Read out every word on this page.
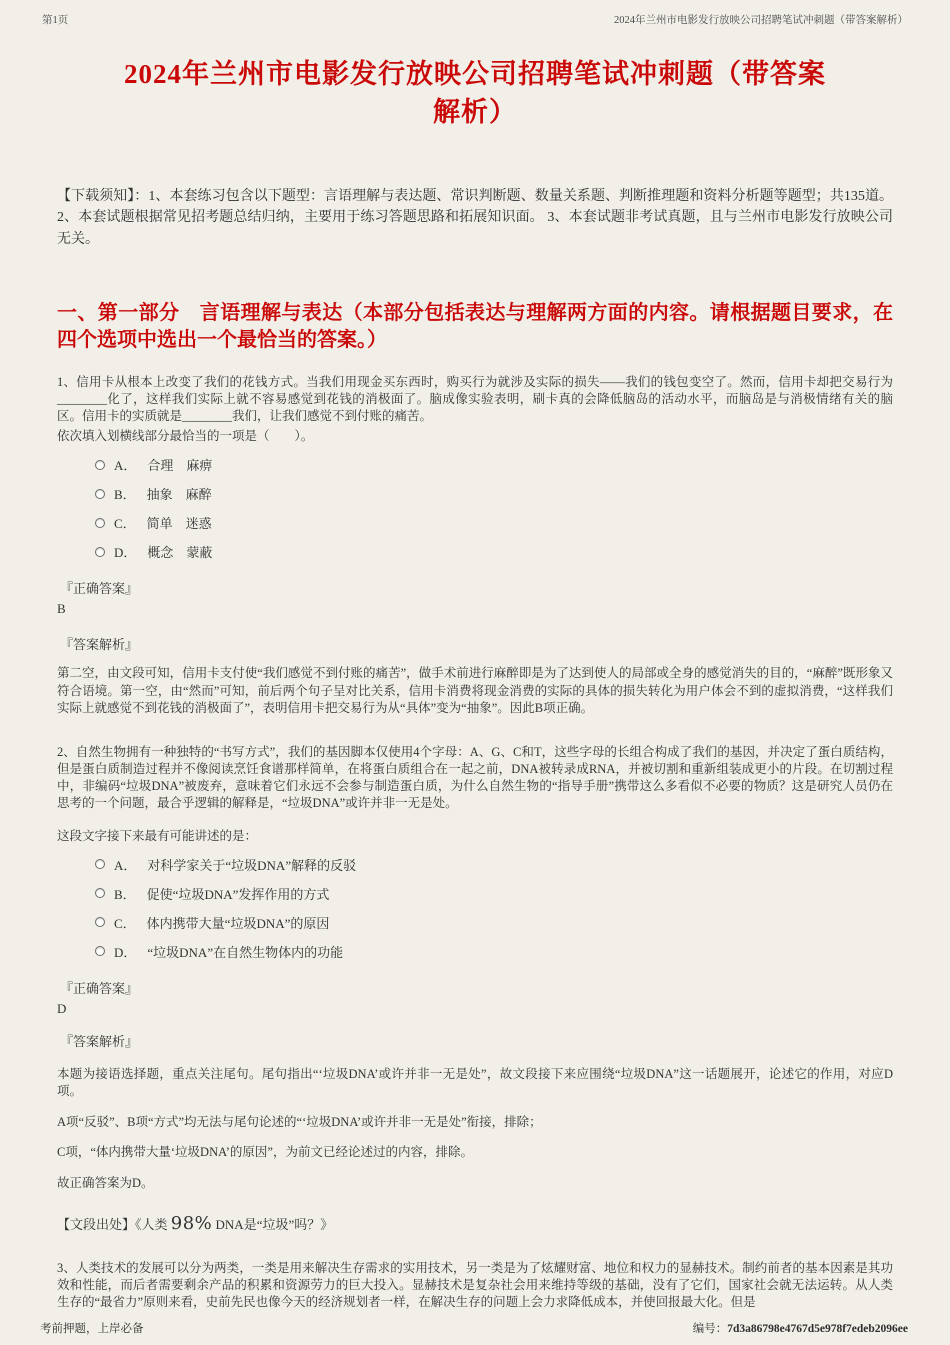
第1页	2024年兰州市电影发行放映公司招聘笔试冲刺题（带答案解析）
2024年兰州市电影发行放映公司招聘笔试冲刺题（带答案解析）

【下载须知】：1、本套练习包含以下题型：言语理解与表达题、常识判断题、数量关系题、判断推理题和资料分析题等题型；共135道。 2、本套试题根据常见招考题总结归纳，主要用于练习答题思路和拓展知识面。 3、本套试题非考试真题，且与兰州市电影发行放映公司无关。

一、第一部分　言语理解与表达（本部分包括表达与理解两方面的内容。请根据题目要求，在四个选项中选出一个最恰当的答案。）

1、信用卡从根本上改变了我们的花钱方式。当我们用现金买东西时，购买行为就涉及实际的损失——我们的钱包变空了。然而，信用卡却把交易行为________化了，这样我们实际上就不容易感觉到花钱的消极面了。脑成像实验表明，刷卡真的会降低脑岛的活动水平，而脑岛是与消极情绪有关的脑区。信用卡的实质就是________我们，让我们感觉不到付账的痛苦。

依次填入划横线部分最恰当的一项是（　　）。

A． 合理　麻痹
B． 抽象　麻醉
C． 简单　迷惑
D． 概念　蒙蔽

『正确答案』

B

『答案解析』

第二空，由文段可知，信用卡支付使“我们感觉不到付账的痛苦”，做手术前进行麻醉即是为了达到使人的局部或全身的感觉消失的目的，“麻醉”既形象又符合语境。第一空，由“然而”可知，前后两个句子呈对比关系，信用卡消费将现金消费的实际的具体的损失转化为用户体会不到的虚拟消费，“这样我们实际上就感觉不到花钱的消极面了”，表明信用卡把交易行为从“具体”变为“抽象”。因此B项正确。

2、自然生物拥有一种独特的“书写方式”，我们的基因脚本仅使用4个字母：A、G、C和T，这些字母的长组合构成了我们的基因，并决定了蛋白质结构，但是蛋白质制造过程并不像阅读烹饪食谱那样简单，在将蛋白质组合在一起之前，DNA被转录成RNA，并被切割和重新组装成更小的片段。在切割过程中，非编码“垃圾DNA”被废弃，意味着它们永远不会参与制造蛋白质，为什么自然生物的“指导手册”携带这么多看似不必要的物质？这是研究人员仍在思考的一个问题，最合乎逻辑的解释是，“垃圾DNA”或许并非一无是处。

这段文字接下来最有可能讲述的是：

A． 对科学家关于“垃圾DNA”解释的反驳
B． 促使“垃圾DNA”发挥作用的方式
C． 体内携带大量“垃圾DNA”的原因
D． “垃圾DNA”在自然生物体内的功能

『正确答案』

D

『答案解析』

本题为接语选择题，重点关注尾句。尾句指出“‘垃圾DNA’或许并非一无是处”，故文段接下来应围绕“垃圾DNA”这一话题展开，论述它的作用，对应D项。

A项“反驳”、B项“方式”均无法与尾句论述的“‘垃圾DNA’或许并非一无是处”衔接，排除；

C项，“体内携带大量‘垃圾DNA’的原因”，为前文已经论述过的内容，排除。

故正确答案为D。

【文段出处】《人类 98% DNA是“垃圾”吗？》

3、人类技术的发展可以分为两类，一类是用来解决生存需求的实用技术，另一类是为了炫耀财富、地位和权力的显赫技术。制约前者的基本因素是其功效和性能，而后者需要剩余产品的积累和资源劳力的巨大投入。显赫技术是复杂社会用来维持等级的基础，没有了它们，国家社会就无法运转。从人类生存的“最省力”原则来看，史前先民也像今天的经济规划者一样，在解决生存的问题上会力求降低成本，并使回报最大化。但是

考前押题，上岸必备	编号：7d3a86798e4767d5e978f7edeb2096ee
